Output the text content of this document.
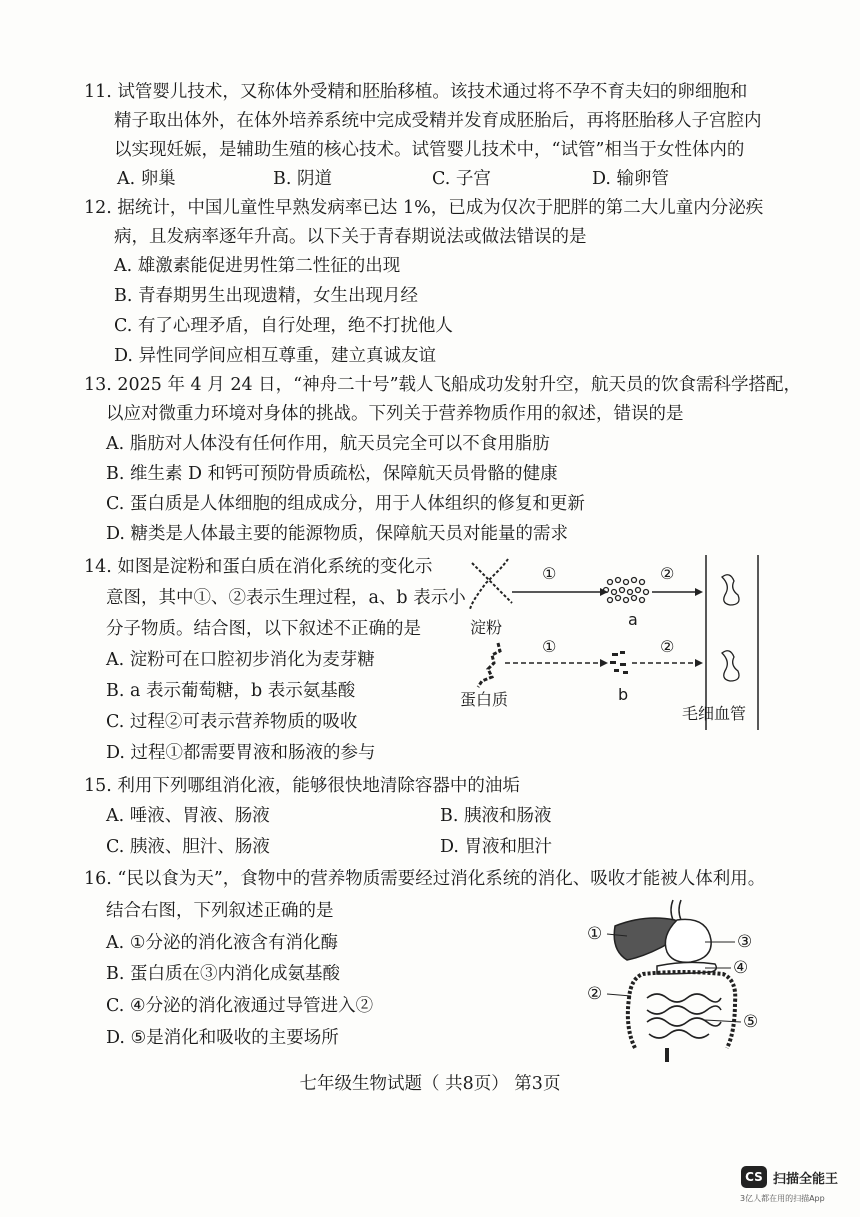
11. 试管婴儿技术，又称体外受精和胚胎移植。该技术通过将不孕不育夫妇的卵细胞和
精子取出体外，在体外培养系统中完成受精并发育成胚胎后，再将胚胎移人子宫腔内
以实现妊娠，是辅助生殖的核心技术。试管婴儿技术中，“试管”相当于女性体内的
A. 卵巢	B. 阴道	C. 子宫	D. 输卵管
12. 据统计，中国儿童性早熟发病率已达 1%，已成为仅次于肥胖的第二大儿童内分泌疾
病，且发病率逐年升高。以下关于青春期说法或做法错误的是
A. 雄激素能促进男性第二性征的出现
B. 青春期男生出现遗精，女生出现月经
C. 有了心理矛盾，自行处理，绝不打扰他人
D. 异性同学间应相互尊重，建立真诚友谊
13. 2025 年 4 月 24 日，“神舟二十号”载人飞船成功发射升空，航天员的饮食需科学搭配，
以应对微重力环境对身体的挑战。下列关于营养物质作用的叙述，错误的是
A. 脂肪对人体没有任何作用，航天员完全可以不食用脂肪
B. 维生素 D 和钙可预防骨质疏松，保障航天员骨骼的健康
C. 蛋白质是人体细胞的组成成分，用于人体组织的修复和更新
D. 糖类是人体最主要的能源物质，保障航天员对能量的需求
14. 如图是淀粉和蛋白质在消化系统的变化示
意图，其中①、②表示生理过程，a、b 表示小
分子物质。结合图，以下叙述不正确的是
A. 淀粉可在口腔初步消化为麦芽糖
B. a 表示葡萄糖，b 表示氨基酸
C. 过程②可表示营养物质的吸收
D. 过程①都需要胃液和肠液的参与
淀粉
蛋白质
a
b
①	②
①	②
毛细血管
15. 利用下列哪组消化液，能够很快地清除容器中的油垢
A. 唾液、胃液、肠液	B. 胰液和肠液
C. 胰液、胆汁、肠液	D. 胃液和胆汁
16. “民以食为天”，食物中的营养物质需要经过消化系统的消化、吸收才能被人体利用。
结合右图，下列叙述正确的是
A. ①分泌的消化液含有消化酶
B. 蛋白质在③内消化成氨基酸
C. ④分泌的消化液通过导管进入②
D. ⑤是消化和吸收的主要场所
①
②
③
④
⑤
七年级生物试题（ 共8页） 第3页
CS 扫描全能王
3亿人都在用的扫描App
